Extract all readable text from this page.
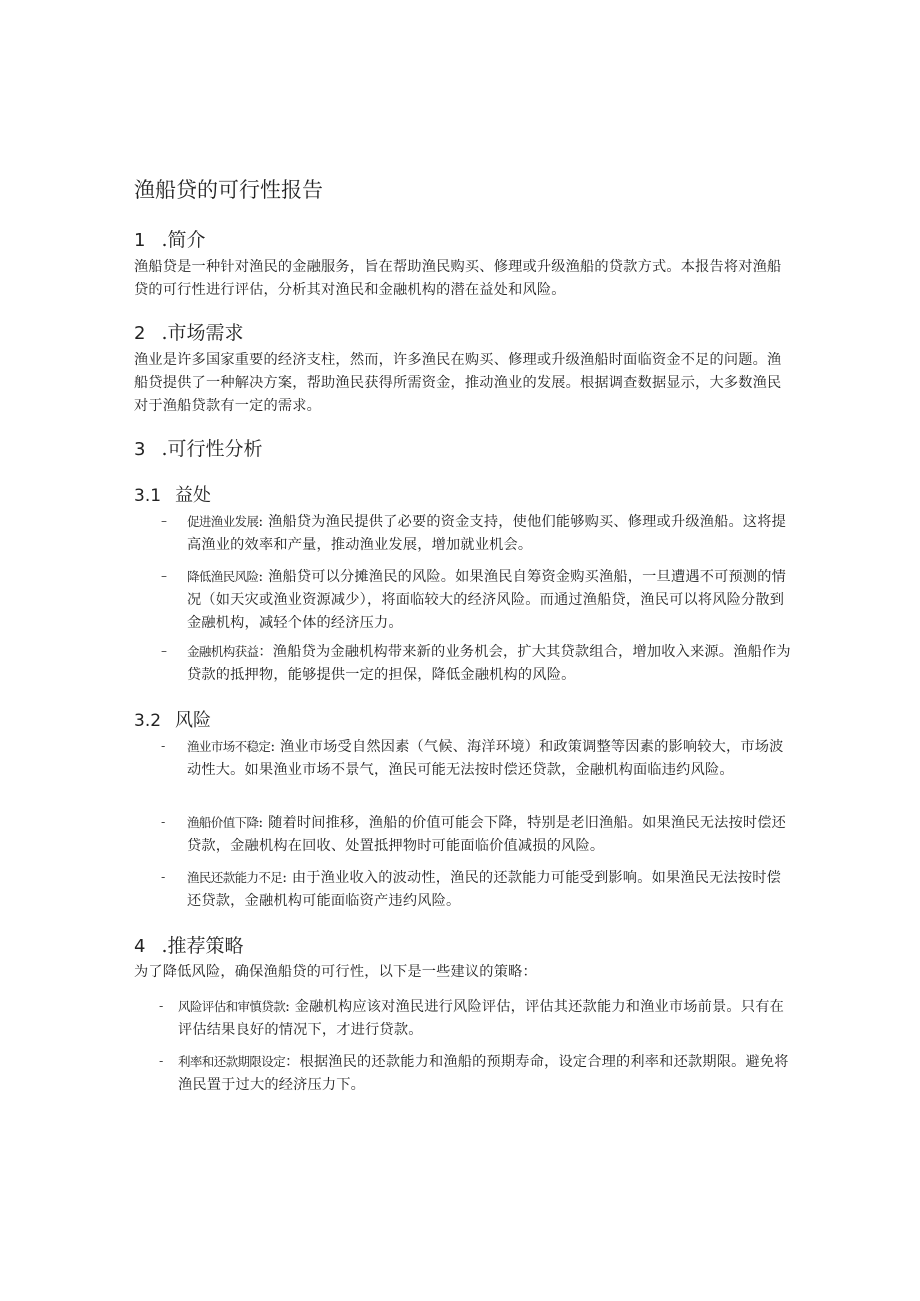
渔船贷的可行性报告
1 .简介

渔船贷是一种针对渔民的金融服务，旨在帮助渔民购买、修理或升级渔船的贷款方式。本报告将对渔船贷的可行性进行评估，分析其对渔民和金融机构的潜在益处和风险。

2 .市场需求

渔业是许多国家重要的经济支柱，然而，许多渔民在购买、修理或升级渔船时面临资金不足的问题。渔船贷提供了一种解决方案，帮助渔民获得所需资金，推动渔业的发展。根据调查数据显示，大多数渔民对于渔船贷款有一定的需求。

3 .可行性分析
3.1 益处
– 促进渔业发展: 渔船贷为渔民提供了必要的资金支持，使他们能够购买、修理或升级渔船。这将提高渔业的效率和产量，推动渔业发展，增加就业机会。
– 降低渔民风险: 渔船贷可以分摊渔民的风险。如果渔民自筹资金购买渔船，一旦遭遇不可预测的情况（如天灾或渔业资源减少），将面临较大的经济风险。而通过渔船贷，渔民可以将风险分散到金融机构，减轻个体的经济压力。
– 金融机构获益：渔船贷为金融机构带来新的业务机会，扩大其贷款组合，增加收入来源。渔船作为贷款的抵押物，能够提供一定的担保，降低金融机构的风险。
3.2 风险
- 渔业市场不稳定: 渔业市场受自然因素（气候、海洋环境）和政策调整等因素的影响较大，市场波动性大。如果渔业市场不景气，渔民可能无法按时偿还贷款，金融机构面临违约风险。
- 渔船价值下降: 随着时间推移，渔船的价值可能会下降，特别是老旧渔船。如果渔民无法按时偿还贷款，金融机构在回收、处置抵押物时可能面临价值减损的风险。
- 渔民还款能力不足: 由于渔业收入的波动性，渔民的还款能力可能受到影响。如果渔民无法按时偿还贷款，金融机构可能面临资产违约风险。
4 .推荐策略

为了降低风险，确保渔船贷的可行性，以下是一些建议的策略：

- 风险评估和审慎贷款: 金融机构应该对渔民进行风险评估，评估其还款能力和渔业市场前景。只有在评估结果良好的情况下，才进行贷款。
- 利率和还款期限设定：根据渔民的还款能力和渔船的预期寿命，设定合理的利率和还款期限。避免将渔民置于过大的经济压力下。
